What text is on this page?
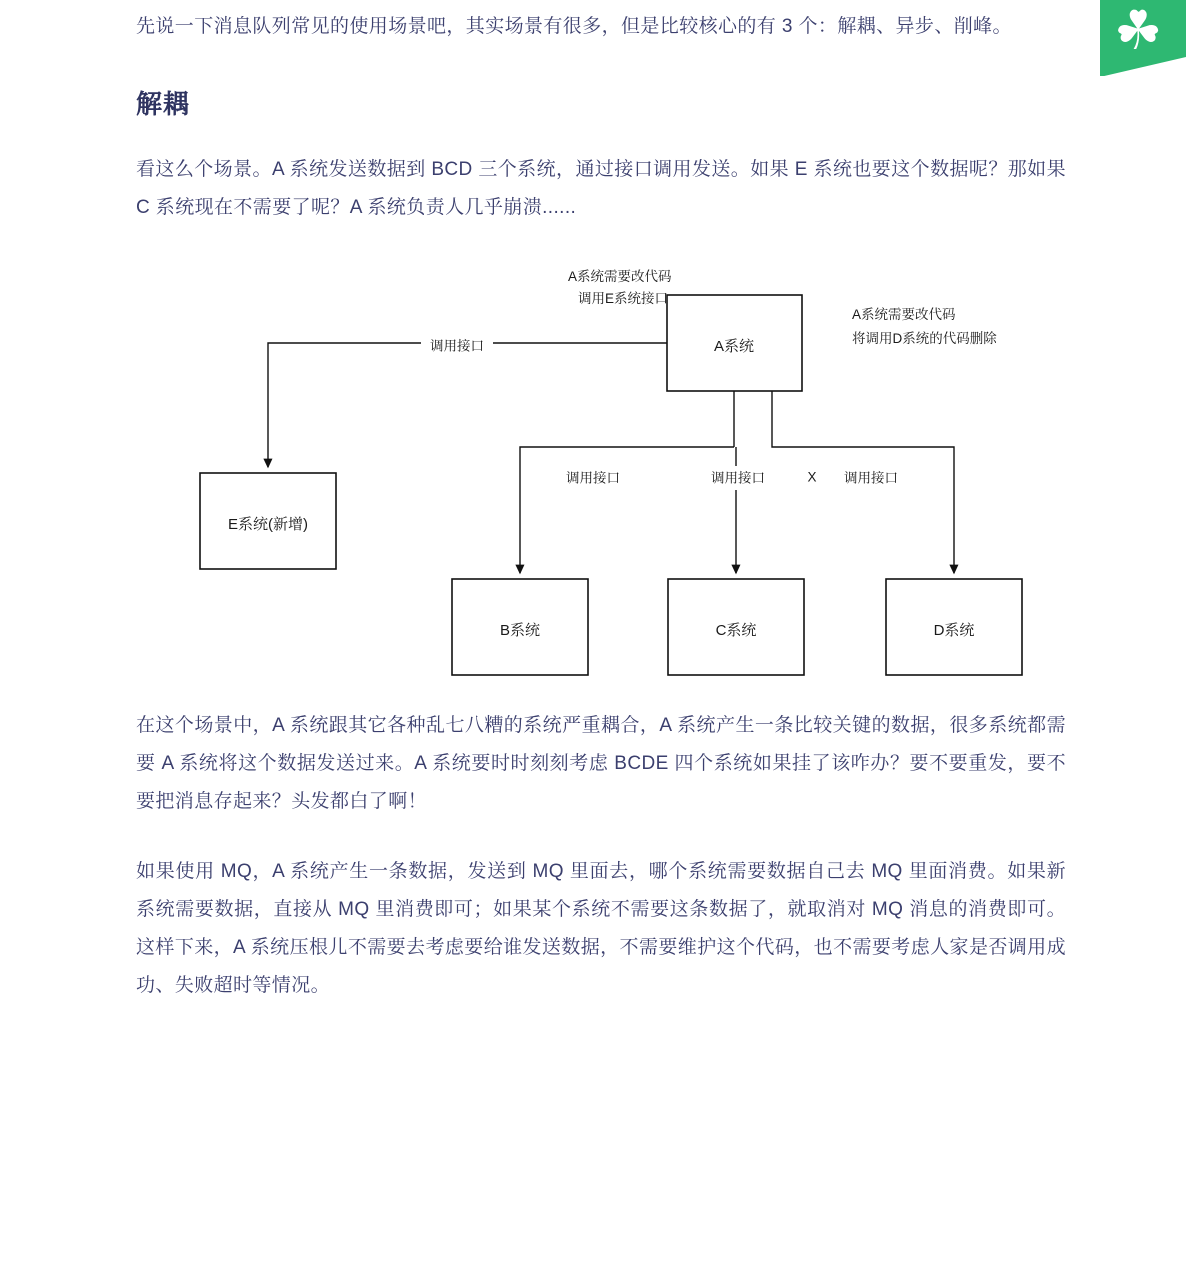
☘

先说一下消息队列常见的使用场景吧，其实场景有很多，但是比较核心的有 3 个：解耦、异步、削峰。

解耦

看这么个场景。A 系统发送数据到 BCD 三个系统，通过接口调用发送。如果 E 系统也要这个数据呢？那如果 C 系统现在不需要了呢？A 系统负责人几乎崩溃......

A系统
E系统(新增)
B系统	C系统	D系统
调用接口
调用接口	调用接口	调用接口
X
A系统需要改代码
调用E系统接口
A系统需要改代码
将调用D系统的代码删除

在这个场景中，A 系统跟其它各种乱七八糟的系统严重耦合，A 系统产生一条比较关键的数据，很多系统都需要 A 系统将这个数据发送过来。A 系统要时时刻刻考虑 BCDE 四个系统如果挂了该咋办？要不要重发，要不要把消息存起来？头发都白了啊！

如果使用 MQ，A 系统产生一条数据，发送到 MQ 里面去，哪个系统需要数据自己去 MQ 里面消费。如果新系统需要数据，直接从 MQ 里消费即可；如果某个系统不需要这条数据了，就取消对 MQ 消息的消费即可。这样下来，A 系统压根儿不需要去考虑要给谁发送数据，不需要维护这个代码，也不需要考虑人家是否调用成功、失败超时等情况。
